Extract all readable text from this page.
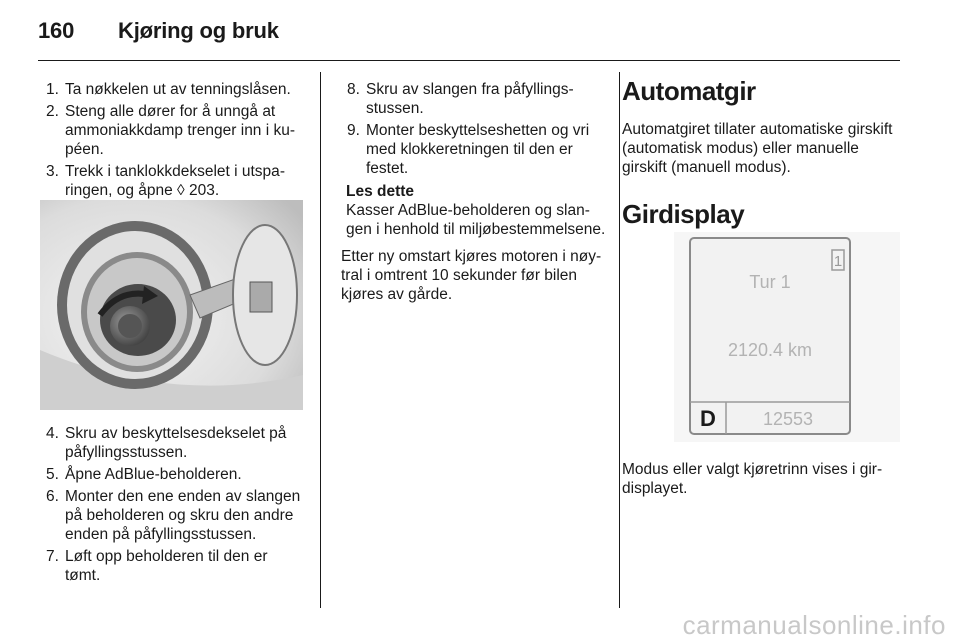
160 Kjøring og bruk
1. Ta nøkkelen ut av tenningslåsen.
2. Steng alle dører for å unngå at ammoniakkdamp trenger inn i kupéen.
3. Trekk i tanklokkdekselet i utsparingen, og åpne ◊ 203.
4. Skru av beskyttelsesdekselet på påfyllingsstussen.
5. Åpne AdBlue-beholderen.
6. Monter den ene enden av slangen på beholderen og skru den andre enden på påfyllingsstussen.
7. Løft opp beholderen til den er tømt.
8. Skru av slangen fra påfyllingsstussen.
9. Monter beskyttelseshetten og vri med klokkeretningen til den er festet.
Les dette
Kasser AdBlue-beholderen og slangen i henhold til miljøbestemmelsene.

Etter ny omstart kjøres motoren i nøytral i omtrent 10 sekunder før bilen kjøres av gårde.

Automatgir

Automatgiret tillater automatiske girskift (automatisk modus) eller manuelle girskift (manuell modus).

Girdisplay
1
Tur 1
2120.4 km
D	12553

Modus eller valgt kjøretrinn vises i girdisplayet.

carmanualsonline.info
